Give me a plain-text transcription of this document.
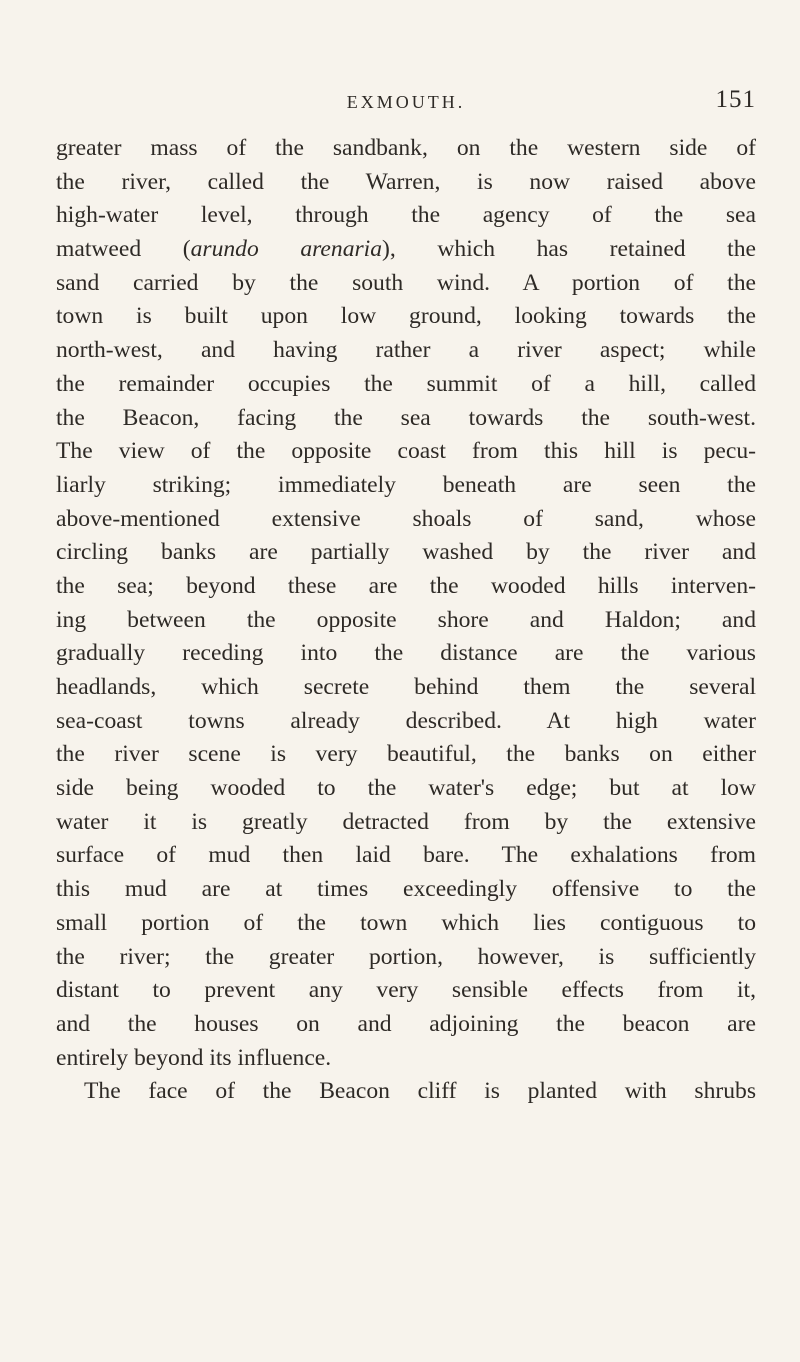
EXMOUTH.	151
greater mass of the sandbank, on the western side of
the river, called the Warren, is now raised above
high-water level, through the agency of the sea
matweed (arundo arenaria), which has retained the
sand carried by the south wind. A portion of the
town is built upon low ground, looking towards the
north-west, and having rather a river aspect; while
the remainder occupies the summit of a hill, called
the Beacon, facing the sea towards the south-west.
The view of the opposite coast from this hill is pecu-
liarly striking; immediately beneath are seen the
above-mentioned extensive shoals of sand, whose
circling banks are partially washed by the river and
the sea; beyond these are the wooded hills interven-
ing between the opposite shore and Haldon; and
gradually receding into the distance are the various
headlands, which secrete behind them the several
sea-coast towns already described. At high water
the river scene is very beautiful, the banks on either
side being wooded to the water's edge; but at low
water it is greatly detracted from by the extensive
surface of mud then laid bare. The exhalations from
this mud are at times exceedingly offensive to the
small portion of the town which lies contiguous to
the river; the greater portion, however, is sufficiently
distant to prevent any very sensible effects from it,
and the houses on and adjoining the beacon are
entirely beyond its influence.
The face of the Beacon cliff is planted with shrubs
